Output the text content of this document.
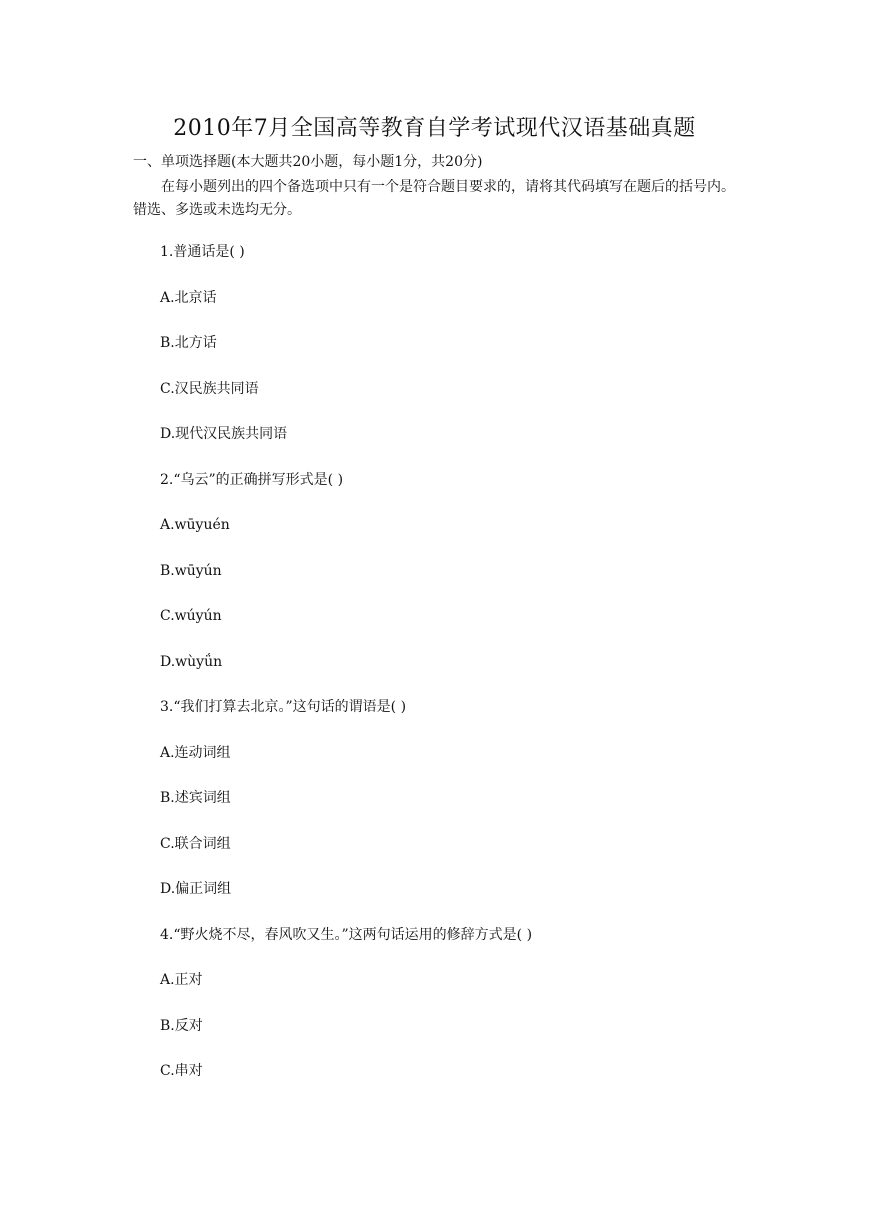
2010年7月全国高等教育自学考试现代汉语基础真题
一、单项选择题(本大题共20小题，每小题1分，共20分)
在每小题列出的四个备选项中只有一个是符合题目要求的，请将其代码填写在题后的括号内。错选、多选或未选均无分。
1.普通话是( )
A.北京话
B.北方话
C.汉民族共同语
D.现代汉民族共同语
2.“乌云”的正确拼写形式是( )
A.wūyuén
B.wūyún
C.wúyún
D.wùyǘn
3.“我们打算去北京。”这句话的谓语是( )
A.连动词组
B.述宾词组
C.联合词组
D.偏正词组
4.“野火烧不尽，春风吹又生。”这两句话运用的修辞方式是( )
A.正对
B.反对
C.串对
